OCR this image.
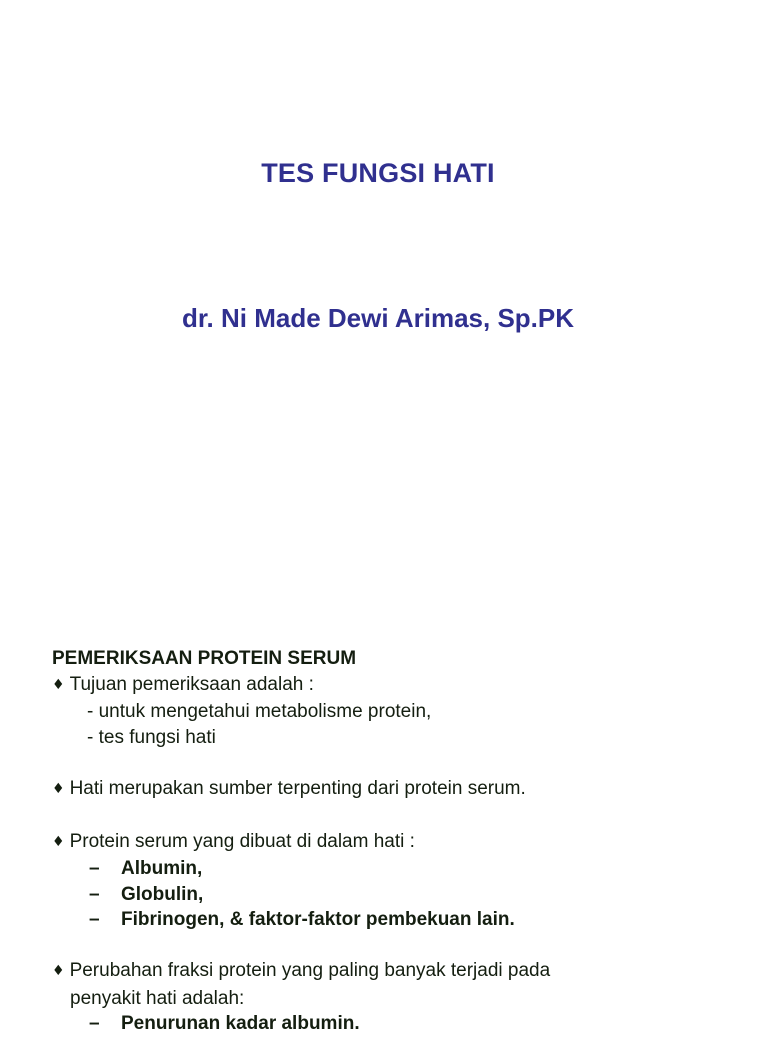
TES FUNGSI HATI
dr. Ni Made Dewi Arimas, Sp.PK

PEMERIKSAAN PROTEIN SERUM

♦ Tujuan pemeriksaan adalah :

- untuk mengetahui metabolisme protein,

- tes fungsi hati

♦ Hati merupakan sumber terpenting dari protein serum.

♦ Protein serum yang dibuat di dalam hati :

– Albumin,

– Globulin,

– Fibrinogen, & faktor-faktor pembekuan lain.

♦ Perubahan fraksi protein yang paling banyak terjadi pada

penyakit hati adalah:

– Penurunan kadar albumin.
